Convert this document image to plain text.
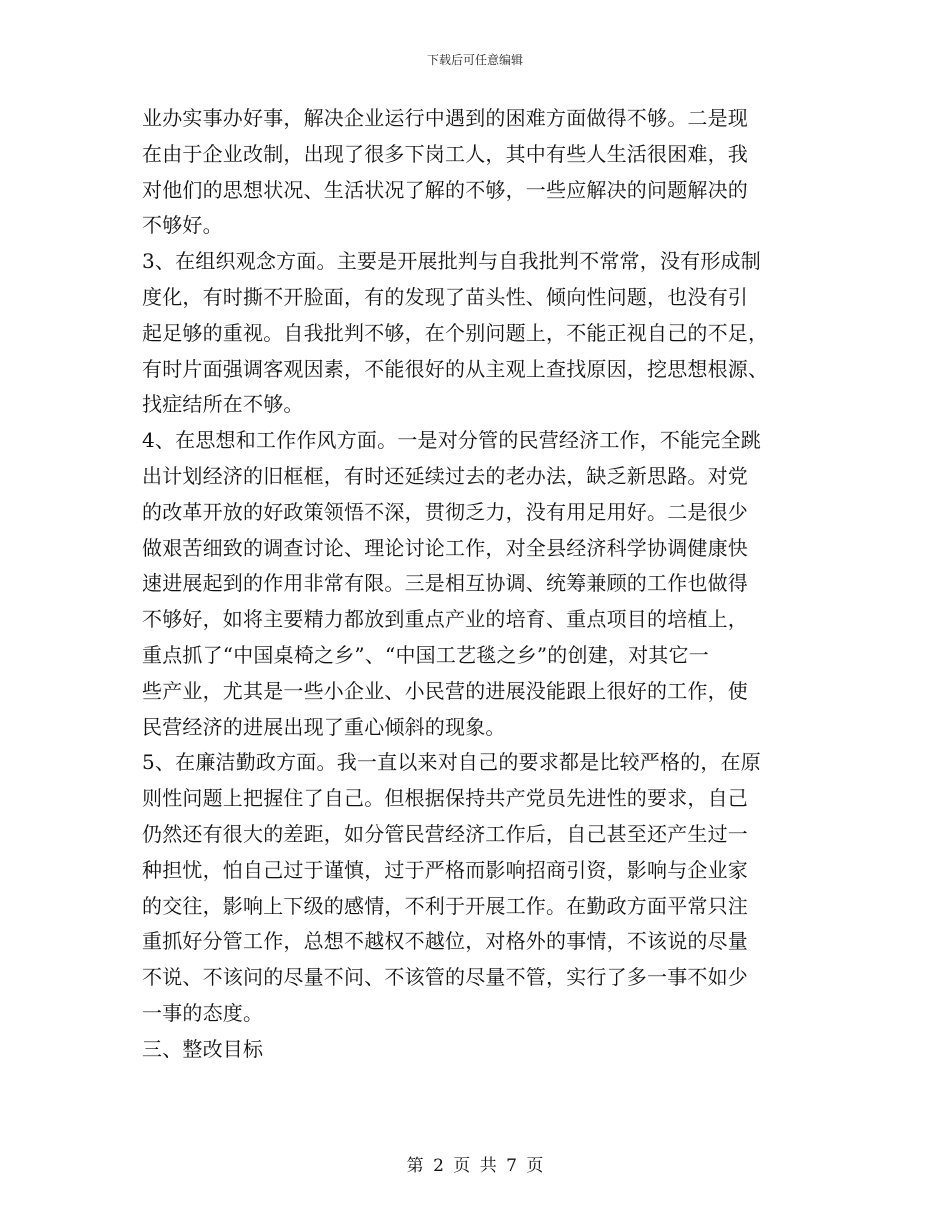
下载后可任意编辑
业办实事办好事，解决企业运行中遇到的困难方面做得不够。二是现
在由于企业改制，出现了很多下岗工人，其中有些人生活很困难，我
对他们的思想状况、生活状况了解的不够，一些应解决的问题解决的
不够好。
3、在组织观念方面。主要是开展批判与自我批判不常常，没有形成制
度化，有时撕不开脸面，有的发现了苗头性、倾向性问题，也没有引
起足够的重视。自我批判不够，在个别问题上，不能正视自己的不足，
有时片面强调客观因素，不能很好的从主观上查找原因，挖思想根源、
找症结所在不够。
4、在思想和工作作风方面。一是对分管的民营经济工作，不能完全跳
出计划经济的旧框框，有时还延续过去的老办法，缺乏新思路。对党
的改革开放的好政策领悟不深，贯彻乏力，没有用足用好。二是很少
做艰苦细致的调查讨论、理论讨论工作，对全县经济科学协调健康快
速进展起到的作用非常有限。三是相互协调、统筹兼顾的工作也做得
不够好，如将主要精力都放到重点产业的培育、重点项目的培植上，
重点抓了“中国桌椅之乡”、“中国工艺毯之乡”的创建，对其它一
些产业，尤其是一些小企业、小民营的进展没能跟上很好的工作，使
民营经济的进展出现了重心倾斜的现象。
5、在廉洁勤政方面。我一直以来对自己的要求都是比较严格的，在原
则性问题上把握住了自己。但根据保持共产党员先进性的要求，自己
仍然还有很大的差距，如分管民营经济工作后，自己甚至还产生过一
种担忧，怕自己过于谨慎，过于严格而影响招商引资，影响与企业家
的交往，影响上下级的感情，不利于开展工作。在勤政方面平常只注
重抓好分管工作，总想不越权不越位，对格外的事情，不该说的尽量
不说、不该问的尽量不问、不该管的尽量不管，实行了多一事不如少
一事的态度。
三、整改目标
第 2 页 共 7 页
